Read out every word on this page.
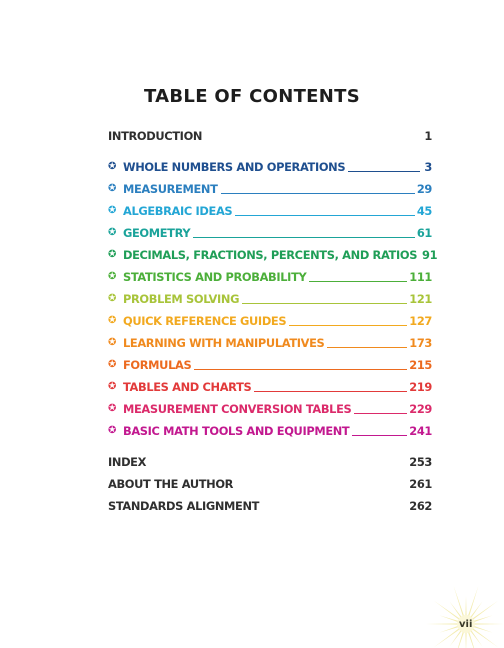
TABLE OF CONTENTS
INTRODUCTION	1
✪ WHOLE NUMBERS AND OPERATIONS	3
✪ MEASUREMENT	29
✪ ALGEBRAIC IDEAS	45
✪ GEOMETRY	61
✪ DECIMALS, FRACTIONS, PERCENTS, AND RATIOS 91
✪ STATISTICS AND PROBABILITY	111
✪ PROBLEM SOLVING	121
✪ QUICK REFERENCE GUIDES	127
✪ LEARNING WITH MANIPULATIVES	173
✪ FORMULAS	215
✪ TABLES AND CHARTS	219
✪ MEASUREMENT CONVERSION TABLES	229
✪ BASIC MATH TOOLS AND EQUIPMENT	241
INDEX	253
ABOUT THE AUTHOR	261
STANDARDS ALIGNMENT	262
vii
